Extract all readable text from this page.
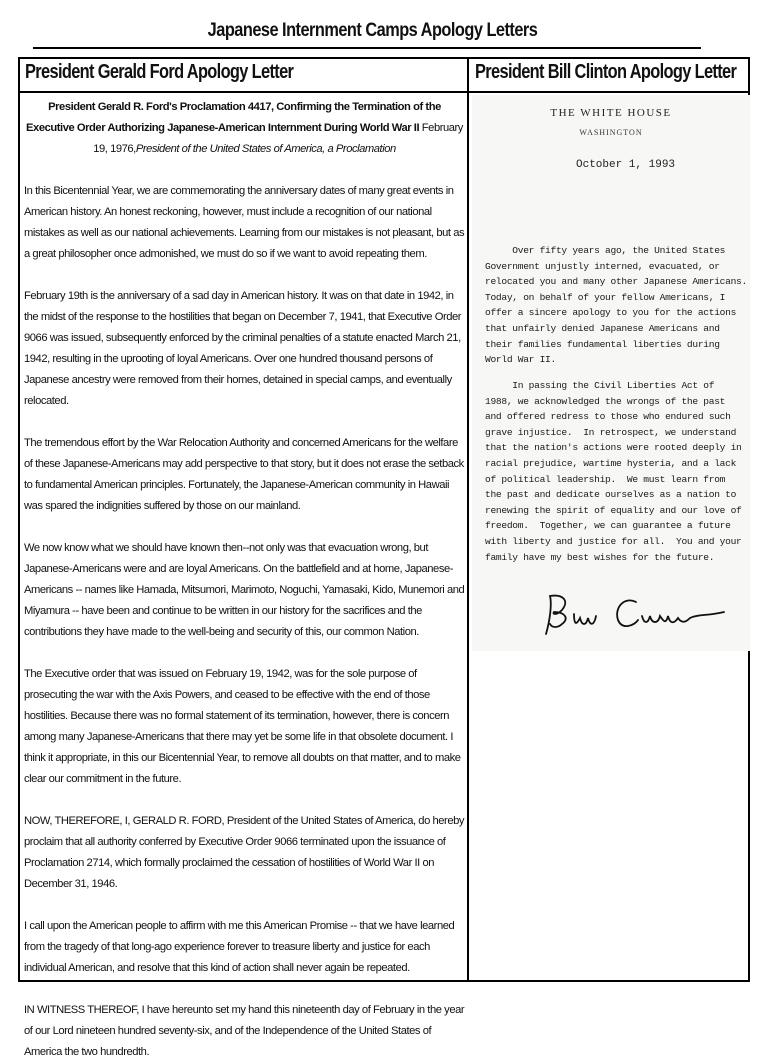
Japanese Internment Camps Apology Letters
President Gerald Ford Apology Letter	President Bill Clinton Apology Letter

President Gerald R. Ford's Proclamation 4417, Confirming the Termination of the Executive Order Authorizing Japanese-American Internment During World War II February 19, 1976,President of the United States of America, a Proclamation

In this Bicentennial Year, we are commemorating the anniversary dates of many great events in American history. An honest reckoning, however, must include a recognition of our national mistakes as well as our national achievements. Learning from our mistakes is not pleasant, but as a great philosopher once admonished, we must do so if we want to avoid repeating them.

February 19th is the anniversary of a sad day in American history. It was on that date in 1942, in the midst of the response to the hostilities that began on December 7, 1941, that Executive Order 9066 was issued, subsequently enforced by the criminal penalties of a statute enacted March 21, 1942, resulting in the uprooting of loyal Americans. Over one hundred thousand persons of Japanese ancestry were removed from their homes, detained in special camps, and eventually relocated.

The tremendous effort by the War Relocation Authority and concerned Americans for the welfare of these Japanese-Americans may add perspective to that story, but it does not erase the setback to fundamental American principles. Fortunately, the Japanese-American community in Hawaii was spared the indignities suffered by those on our mainland.

We now know what we should have known then--not only was that evacuation wrong, but Japanese-Americans were and are loyal Americans. On the battlefield and at home, Japanese-Americans -- names like Hamada, Mitsumori, Marimoto, Noguchi, Yamasaki, Kido, Munemori and Miyamura -- have been and continue to be written in our history for the sacrifices and the contributions they have made to the well-being and security of this, our common Nation.

The Executive order that was issued on February 19, 1942, was for the sole purpose of prosecuting the war with the Axis Powers, and ceased to be effective with the end of those hostilities. Because there was no formal statement of its termination, however, there is concern among many Japanese-Americans that there may yet be some life in that obsolete document. I think it appropriate, in this our Bicentennial Year, to remove all doubts on that matter, and to make clear our commitment in the future.

NOW, THEREFORE, I, GERALD R. FORD, President of the United States of America, do hereby proclaim that all authority conferred by Executive Order 9066 terminated upon the issuance of Proclamation 2714, which formally proclaimed the cessation of hostilities of World War II on December 31, 1946.

I call upon the American people to affirm with me this American Promise -- that we have learned from the tragedy of that long-ago experience forever to treasure liberty and justice for each individual American, and resolve that this kind of action shall never again be repeated.

IN WITNESS THEREOF, I have hereunto set my hand this nineteenth day of February in the year of our Lord nineteen hundred seventy-six, and of the Independence of the United States of America the two hundredth.

THE WHITE HOUSE
WASHINGTON
October 1, 1993
Over fifty years ago, the United States
Government unjustly interned, evacuated, or
relocated you and many other Japanese Americans.
Today, on behalf of your fellow Americans, I
offer a sincere apology to you for the actions
that unfairly denied Japanese Americans and
their families fundamental liberties during
World War II.
In passing the Civil Liberties Act of
1988, we acknowledged the wrongs of the past
and offered redress to those who endured such
grave injustice.  In retrospect, we understand
that the nation's actions were rooted deeply in
racial prejudice, wartime hysteria, and a lack
of political leadership.  We must learn from
the past and dedicate ourselves as a nation to
renewing the spirit of equality and our love of
freedom.  Together, we can guarantee a future
with liberty and justice for all.  You and your
family have my best wishes for the future.
